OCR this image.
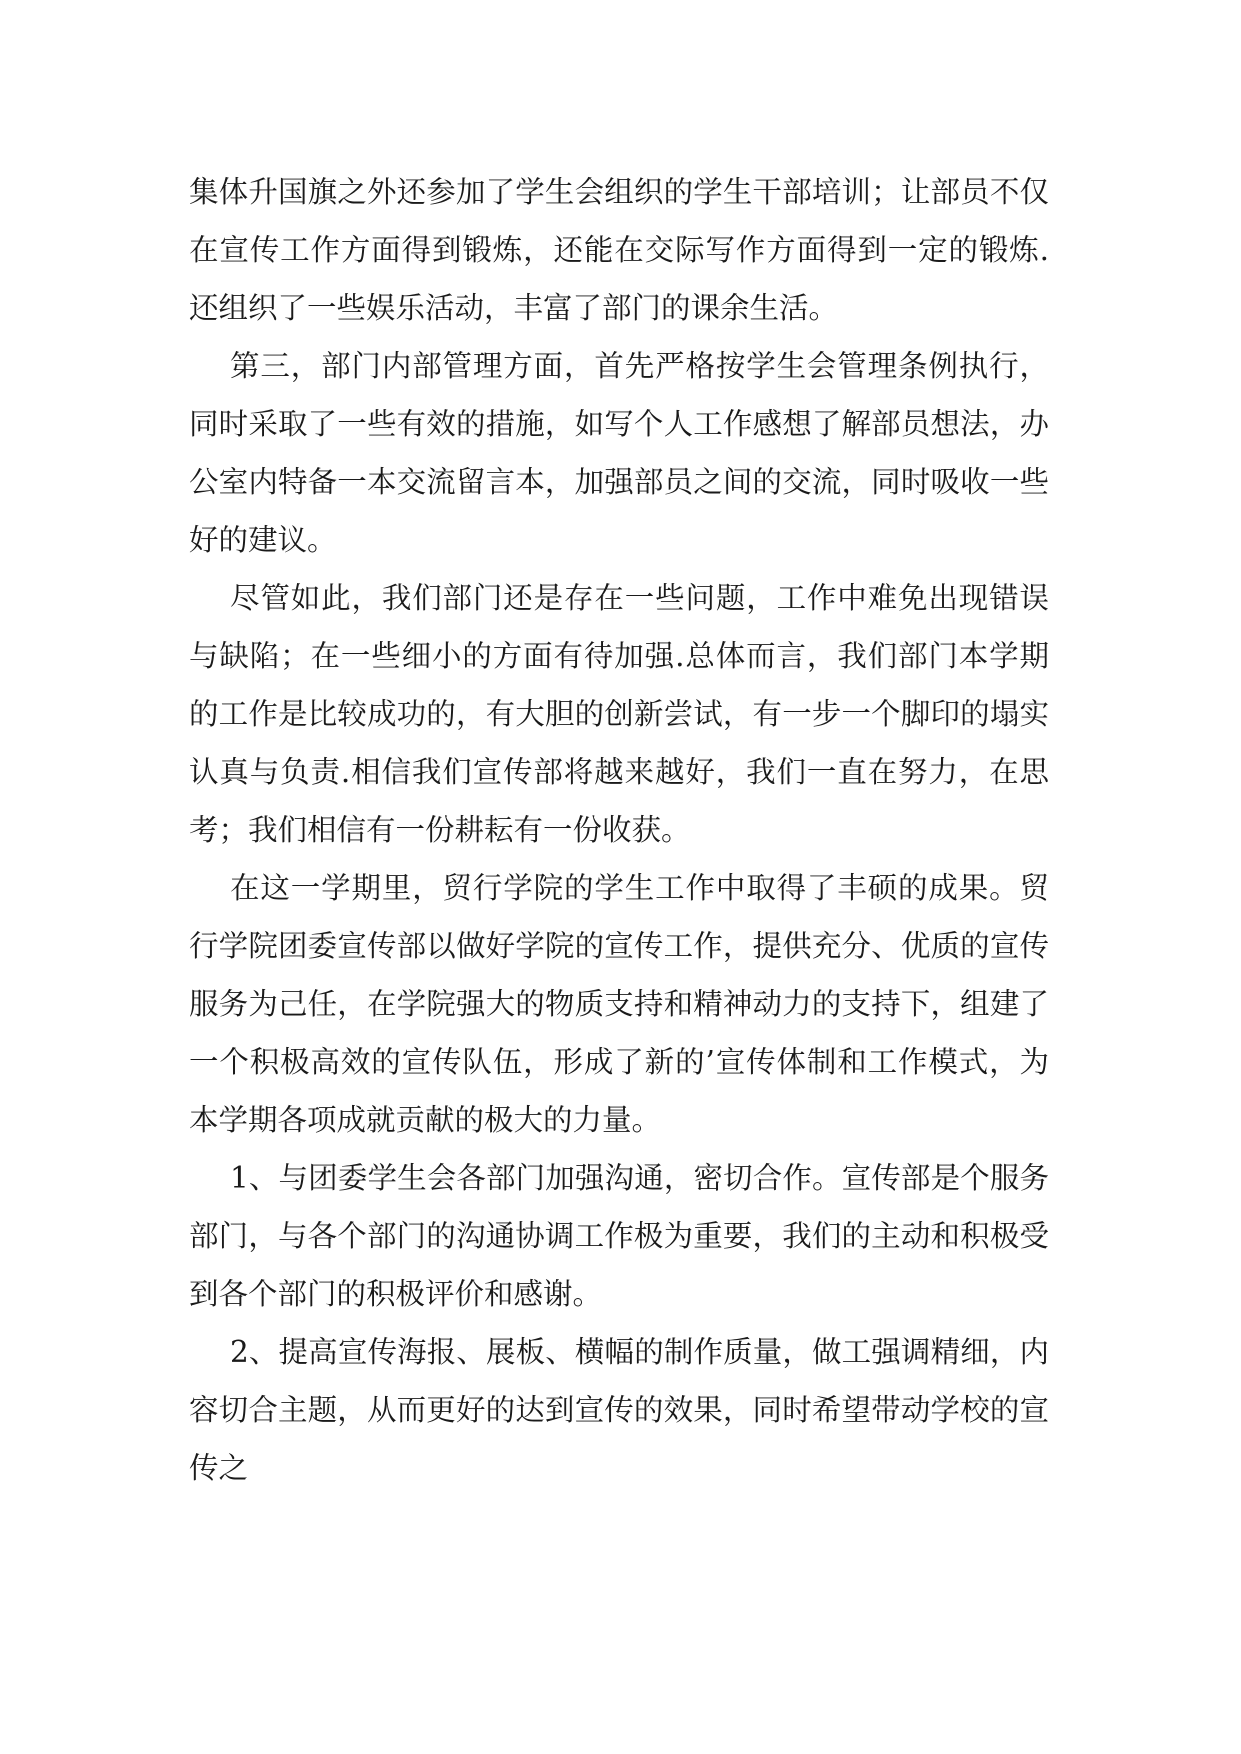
集体升国旗之外还参加了学生会组织的学生干部培训；让部员不仅在宣传工作方面得到锻炼，还能在交际写作方面得到一定的锻炼.还组织了一些娱乐活动，丰富了部门的课余生活。

第三，部门内部管理方面，首先严格按学生会管理条例执行，同时采取了一些有效的措施，如写个人工作感想了解部员想法，办公室内特备一本交流留言本，加强部员之间的交流，同时吸收一些好的建议。

尽管如此，我们部门还是存在一些问题，工作中难免出现错误与缺陷；在一些细小的方面有待加强.总体而言，我们部门本学期的工作是比较成功的，有大胆的创新尝试，有一步一个脚印的塌实认真与负责.相信我们宣传部将越来越好，我们一直在努力，在思考；我们相信有一份耕耘有一份收获。

在这一学期里，贸行学院的学生工作中取得了丰硕的成果。贸行学院团委宣传部以做好学院的宣传工作，提供充分、优质的宣传服务为己任，在学院强大的物质支持和精神动力的支持下，组建了一个积极高效的宣传队伍，形成了新的’宣传体制和工作模式，为本学期各项成就贡献的极大的力量。

1、与团委学生会各部门加强沟通，密切合作。宣传部是个服务部门，与各个部门的沟通协调工作极为重要，我们的主动和积极受到各个部门的积极评价和感谢。

2、提高宣传海报、展板、横幅的制作质量，做工强调精细，内容切合主题，从而更好的达到宣传的效果，同时希望带动学校的宣传之
